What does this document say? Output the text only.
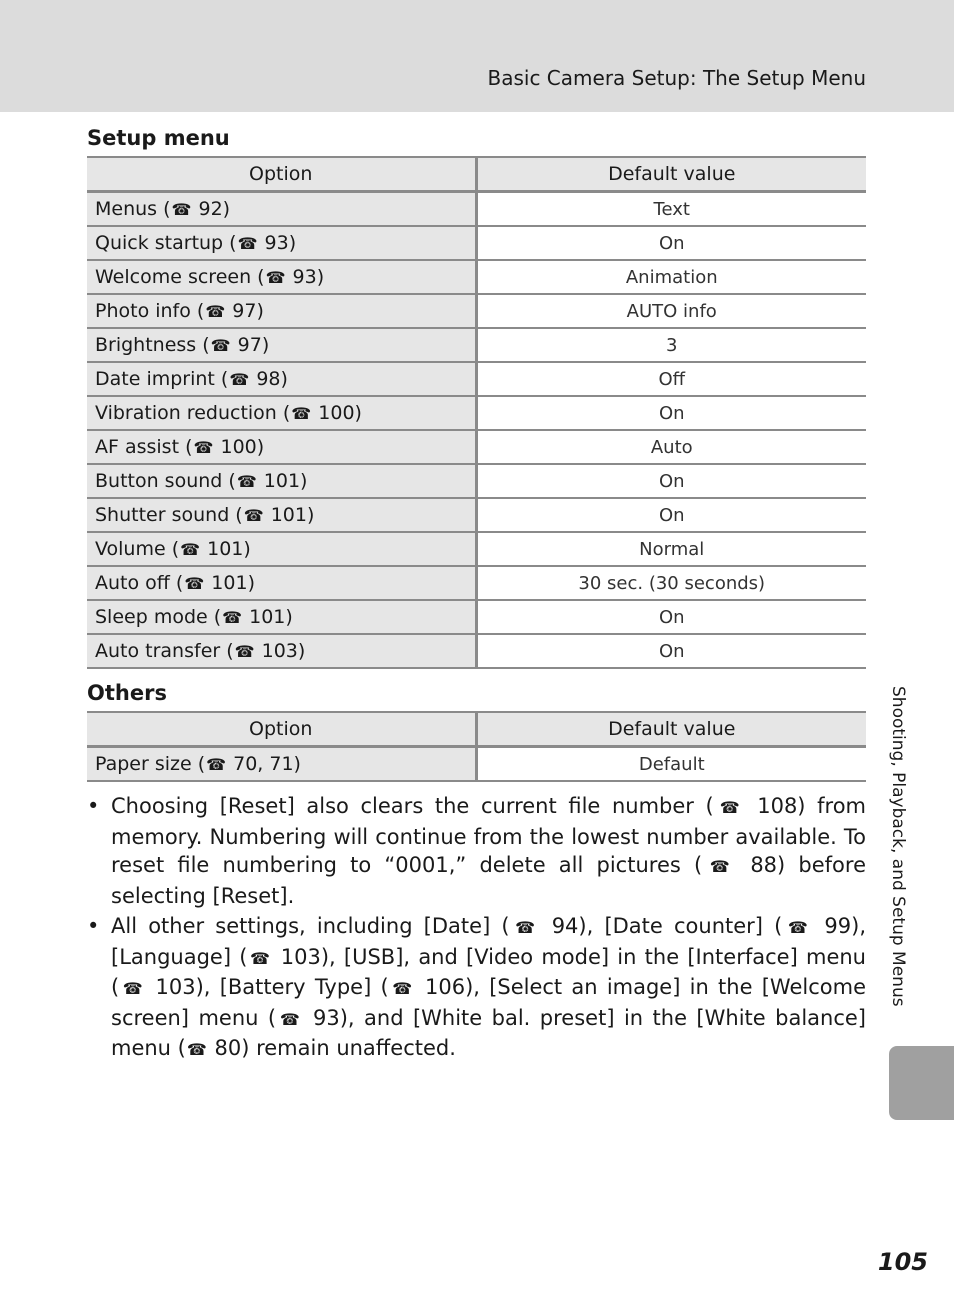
Basic Camera Setup: The Setup Menu
Setup menu
Option	Default value
Menus (☎ 92)	Text
Quick startup (☎ 93)	On
Welcome screen (☎ 93)	Animation
Photo info (☎ 97)	AUTO info
Brightness (☎ 97)	3
Date imprint (☎ 98)	Off
Vibration reduction (☎ 100)	On
AF assist (☎ 100)	Auto
Button sound (☎ 101)	On
Shutter sound (☎ 101)	On
Volume (☎ 101)	Normal
Auto off (☎ 101)	30 sec. (30 seconds)
Sleep mode (☎ 101)	On
Auto transfer (☎ 103)	On
Others
Option	Default value
Paper size (☎ 70, 71)	Default
• Choosing [Reset] also clears the current file number (☎ 108) from memory. Numbering will continue from the lowest number available. To reset file numbering to “0001,” delete all pictures (☎ 88) before selecting [Reset].
• All other settings, including [Date] (☎ 94), [Date counter] (☎ 99), [Language] (☎ 103), [USB], and [Video mode] in the [Interface] menu (☎ 103), [Battery Type] (☎ 106), [Select an image] in the [Welcome screen] menu (☎ 93), and [White bal. preset] in the [White balance] menu (☎ 80) remain unaffected.
Shooting, Playback, and Setup Menus
105
